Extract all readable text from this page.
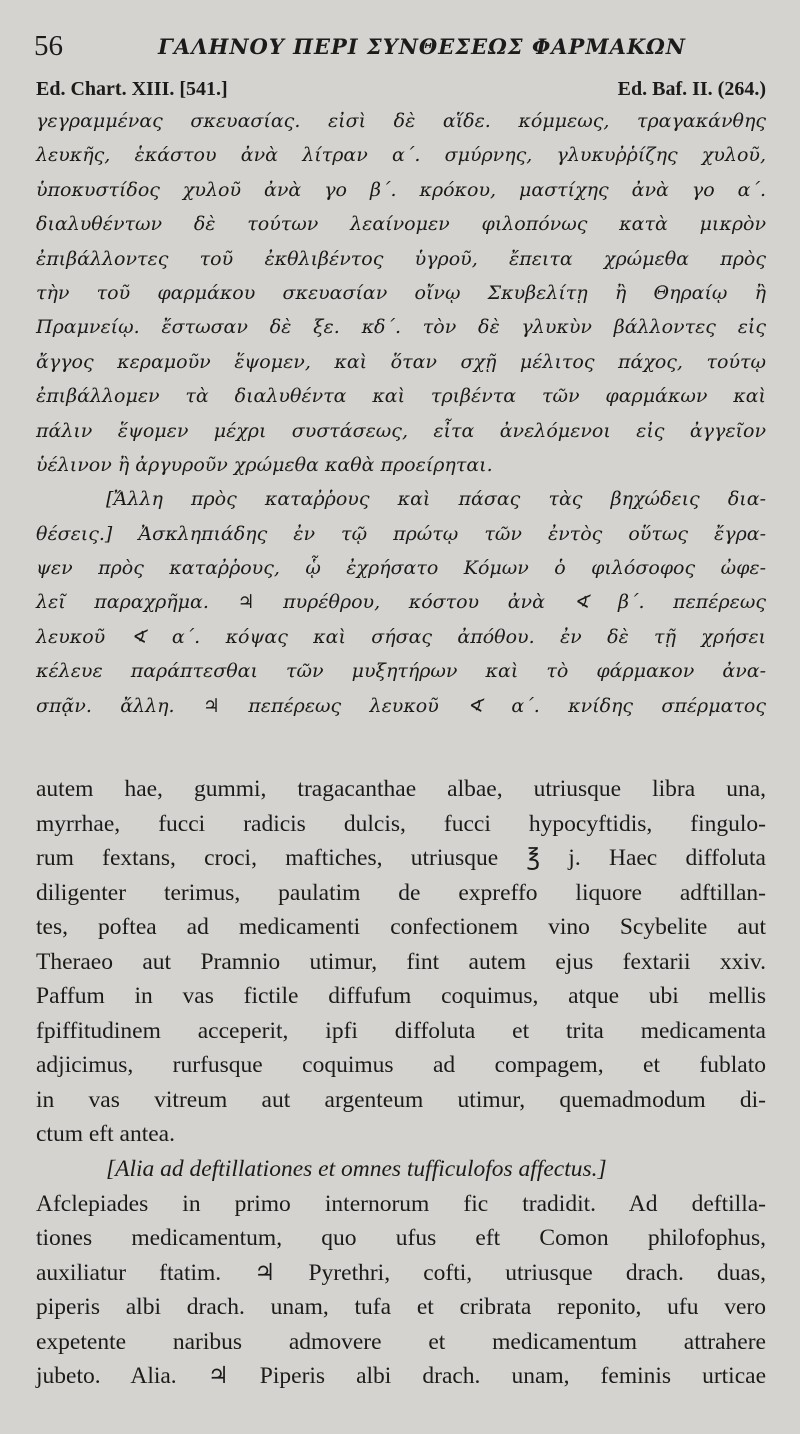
56	ΓΑΛΗΝΟΥ ΠΕΡΙ ΣΥΝΘΕΣΕΩΣ ΦΑΡΜΑΚΩΝ
Ed. Chart. XIII. [541.]	Ed. Baf. II. (264.)
γεγραμμένας σκευασίας. εἰσὶ δὲ αἵδε. κόμμεως, τραγακάνθης
λευκῆς, ἑκάστου ἀνὰ λίτραν α΄. σμύρνης, γλυκυῤῥίζης χυλοῦ,
ὑποκυστίδος χυλοῦ ἀνὰ γο β΄. κρόκου, μαστίχης ἀνὰ γο α΄.
διαλυθέντων δὲ τούτων λεαίνομεν φιλοπόνως κατὰ μικρὸν
ἐπιβάλλοντες τοῦ ἐκθλιβέντος ὑγροῦ, ἔπειτα χρώμεθα πρὸς
τὴν τοῦ φαρμάκου σκευασίαν οἴνῳ Σκυβελίτῃ ἢ Θηραίῳ ἢ
Πραμνείῳ. ἔστωσαν δὲ ξε. κδ΄. τὸν δὲ γλυκὺν βάλλοντες εἰς
ἄγγος κεραμοῦν ἕψομεν, καὶ ὅταν σχῇ μέλιτος πάχος, τούτῳ
ἐπιβάλλομεν τὰ διαλυθέντα καὶ τριβέντα τῶν φαρμάκων καὶ
πάλιν ἕψομεν μέχρι συστάσεως, εἶτα ἀνελόμενοι εἰς ἀγγεῖον
ὑέλινον ἢ ἀργυροῦν χρώμεθα καθὰ προείρηται.
[Ἄλλη πρὸς καταῤῥους καὶ πάσας τὰς βηχώδεις δια-
θέσεις.] Ἀσκληπιάδης ἐν τῷ πρώτῳ τῶν ἐντὸς οὕτως ἔγρα-
ψεν πρὸς καταῤῥους, ᾧ ἐχρήσατο Κόμων ὁ φιλόσοφος ὠφε-
λεῖ παραχρῆμα. ♃ πυρέθρου, κόστου ἀνὰ ∢ β΄. πεπέρεως
λευκοῦ ∢ α΄. κόψας καὶ σήσας ἀπόθου. ἐν δὲ τῇ χρήσει
κέλευε παράπτεσθαι τῶν μυξητήρων καὶ τὸ φάρμακον ἀνα-
σπᾷν. ἄλλη. ♃ πεπέρεως λευκοῦ ∢ α΄. κνίδης σπέρματος
autem hae, gummi, tragacanthae albae, utriusque libra una,
myrrhae, fucci radicis dulcis, fucci hypocyftidis, fingulo-
rum fextans, croci, maftiches, utriusque ℥ j. Haec diffoluta
diligenter terimus, paulatim de expreffo liquore adftillan-
tes, poftea ad medicamenti confectionem vino Scybelite aut
Theraeo aut Pramnio utimur, fint autem ejus fextarii xxiv.
Paffum in vas fictile diffufum coquimus, atque ubi mellis
fpiffitudinem acceperit, ipfi diffoluta et trita medicamenta
adjicimus, rurfusque coquimus ad compagem, et fublato
in vas vitreum aut argenteum utimur, quemadmodum di-
ctum eft antea.
[Alia ad deftillationes et omnes tufficulofos affectus.]
Afclepiades in primo internorum fic tradidit. Ad deftilla-
tiones medicamentum, quo ufus eft Comon philofophus,
auxiliatur ftatim. ♃ Pyrethri, cofti, utriusque drach. duas,
piperis albi drach. unam, tufa et cribrata reponito, ufu vero
expetente naribus admovere et medicamentum attrahere
jubeto. Alia. ♃ Piperis albi drach. unam, feminis urticae
